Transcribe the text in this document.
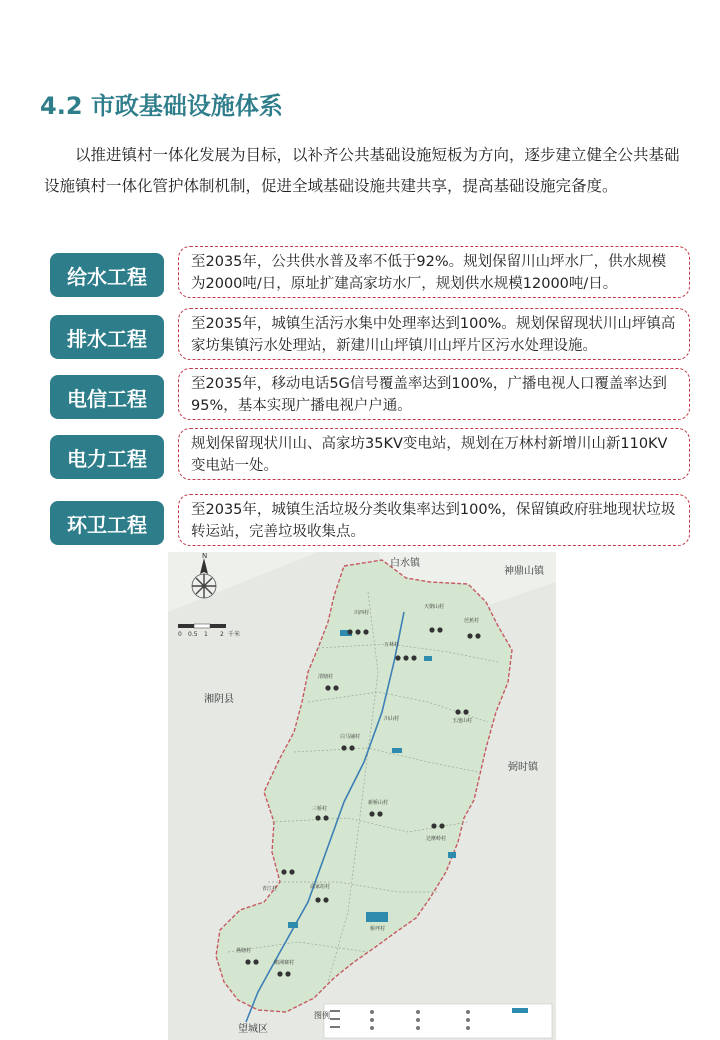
4.2 市政基础设施体系

以推进镇村一体化发展为目标，以补齐公共基础设施短板为方向，逐步建立健全公共基础设施镇村一体化管护体制机制，促进全域基础设施共建共享，提高基础设施完备度。

给水工程
至2035年，公共供水普及率不低于92%。规划保留川山坪水厂，供水规模为2000吨/日，原址扩建高家坊水厂，规划供水规模12000吨/日。
排水工程
至2035年，城镇生活污水集中处理率达到100%。规划保留现状川山坪镇高家坊集镇污水处理站，新建川山坪镇川山坪片区污水处理设施。
电信工程
至2035年，移动电话5G信号覆盖率达到100%，广播电视人口覆盖率达到95%，基本实现广播电视户户通。
电力工程
规划保留现状川山、高家坊35KV变电站，规划在万林村新增川山新110KV变电站一处。
环卫工程
至2035年，城镇生活垃圾分类收集率达到100%，保留镇政府驻地现状垃圾转运站，完善垃圾收集点。
N
0 0.5 1 2 千米
白水镇
神鼎山镇
湘阴县
弼时镇
望城区
川西村
天朝山村
芭蕉村
万林村
清塘村
川山村
白马铺村
玉池山村
三桥村
新桥山村
达摩岭村
青江村	高家坊村
桥坪村
燕塘村
鹅洲寨村
图例
